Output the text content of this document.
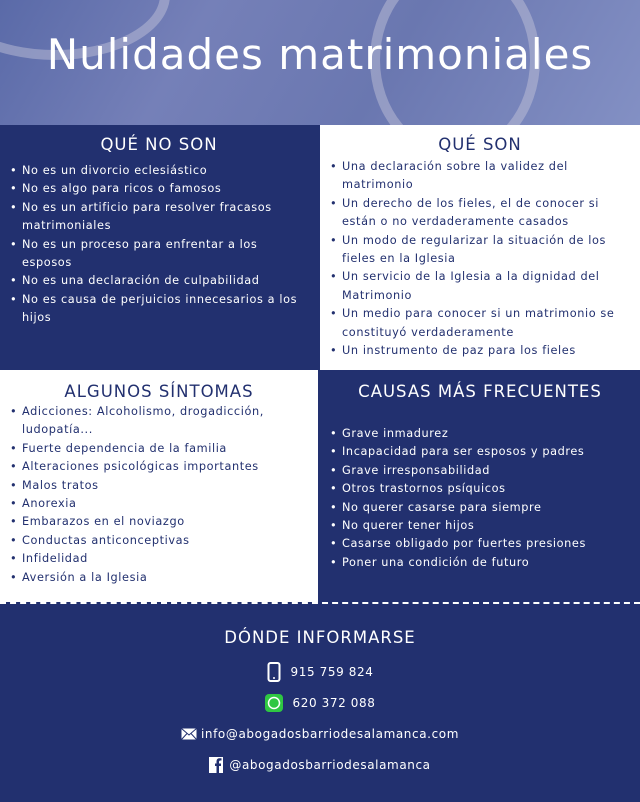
Nulidades matrimoniales
QUÉ NO SON
• No es un divorcio eclesiástico
• No es algo para ricos o famosos
• No es un artificio para resolver fracasos matrimoniales
• No es un proceso para enfrentar a los esposos
• No es una declaración de culpabilidad
• No es causa de perjuicios innecesarios a los hijos
QUÉ SON
• Una declaración sobre la validez del matrimonio
• Un derecho de los fieles, el de conocer si están o no verdaderamente casados
• Un modo de regularizar la situación de los fieles en la Iglesia
• Un servicio de la Iglesia a la dignidad del Matrimonio
• Un medio para conocer si un matrimonio se constituyó verdaderamente
• Un instrumento de paz para los fieles
ALGUNOS SÍNTOMAS
• Adicciones: Alcoholismo, drogadicción, ludopatía...
• Fuerte dependencia de la familia
• Alteraciones psicológicas importantes
• Malos tratos
• Anorexia
• Embarazos en el noviazgo
• Conductas anticonceptivas
• Infidelidad
• Aversión a la Iglesia
CAUSAS MÁS FRECUENTES
• Grave inmadurez
• Incapacidad para ser esposos y padres
• Grave irresponsabilidad
• Otros trastornos psíquicos
• No querer casarse para siempre
• No querer tener hijos
• Casarse obligado por fuertes presiones
• Poner una condición de futuro
DÓNDE INFORMARSE
915 759 824
620 372 088
info@abogadosbarriodesalamanca.com
@abogadosbarriodesalamanca
